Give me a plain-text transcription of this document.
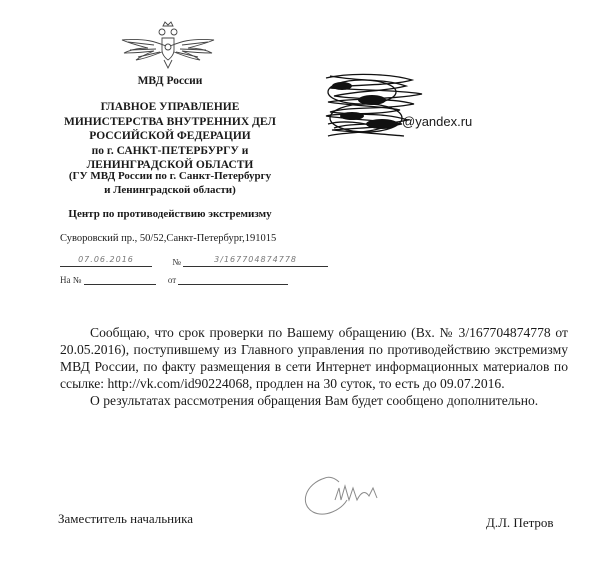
МВД России
ГЛАВНОЕ УПРАВЛЕНИЕ
МИНИСТЕРСТВА ВНУТРЕННИХ ДЕЛ
РОССИЙСКОЙ ФЕДЕРАЦИИ
по г. САНКТ-ПЕТЕРБУРГУ и
ЛЕНИНГРАДСКОЙ ОБЛАСТИ
(ГУ МВД России по г. Санкт-Петербургу
и Ленинградской области)
Центр по противодействию экстремизму
Суворовский пр., 50/52,Санкт-Петербург,191015
07.06.2016	№	3/167704874778
На №	от
@yandex.ru

Сообщаю, что срок проверки по Вашему обращению (Вх. № 3/167704874778 от 20.05.2016), поступившему из Главного управления по противодействию экстремизму МВД России, по факту размещения в сети Интернет информационных материалов по ссылке: http://vk.com/id90224068, продлен на 30 суток, то есть до 09.07.2016.

О результатах рассмотрения обращения Вам будет сообщено дополнительно.

Заместитель начальника	Д.Л. Петров
